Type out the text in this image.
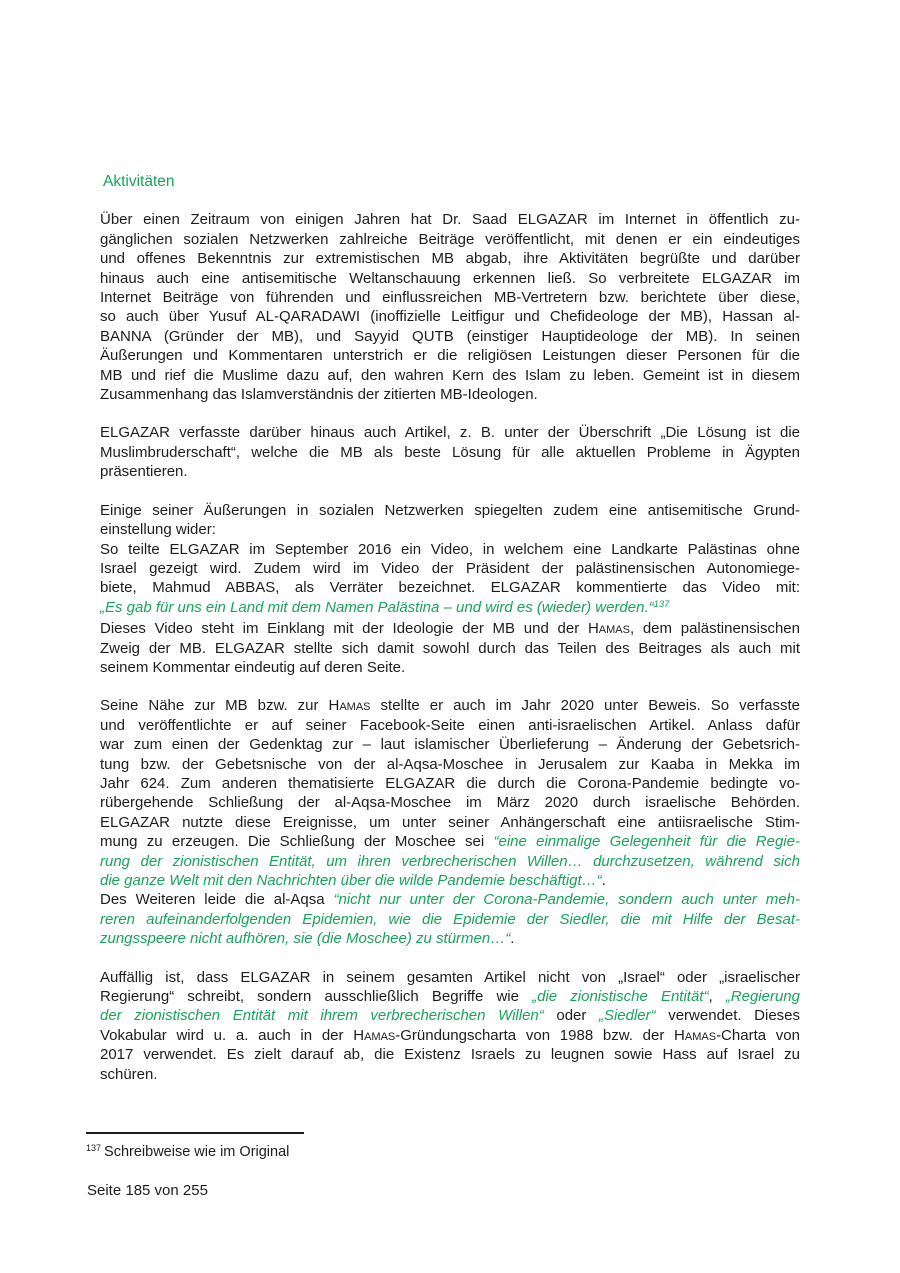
Aktivitäten
Über einen Zeitraum von einigen Jahren hat Dr. Saad ELGAZAR im Internet in öffentlich zu-
gänglichen sozialen Netzwerken zahlreiche Beiträge veröffentlicht, mit denen er ein eindeutiges
und offenes Bekenntnis zur extremistischen MB abgab, ihre Aktivitäten begrüßte und darüber
hinaus auch eine antisemitische Weltanschauung erkennen ließ. So verbreitete ELGAZAR im
Internet Beiträge von führenden und einflussreichen MB-Vertretern bzw. berichtete über diese,
so auch über Yusuf AL-QARADAWI (inoffizielle Leitfigur und Chefideologe der MB), Hassan al-
BANNA (Gründer der MB), und Sayyid QUTB (einstiger Hauptideologe der MB). In seinen
Äußerungen und Kommentaren unterstrich er die religiösen Leistungen dieser Personen für die
MB und rief die Muslime dazu auf, den wahren Kern des Islam zu leben. Gemeint ist in diesem
Zusammenhang das Islamverständnis der zitierten MB-Ideologen.
ELGAZAR verfasste darüber hinaus auch Artikel, z. B. unter der Überschrift „Die Lösung ist die
Muslimbruderschaft“, welche die MB als beste Lösung für alle aktuellen Probleme in Ägypten
präsentieren.
Einige seiner Äußerungen in sozialen Netzwerken spiegelten zudem eine antisemitische Grund-
einstellung wider:
So teilte ELGAZAR im September 2016 ein Video, in welchem eine Landkarte Palästinas ohne
Israel gezeigt wird. Zudem wird im Video der Präsident der palästinensischen Autonomiege-
biete, Mahmud ABBAS, als Verräter bezeichnet. ELGAZAR kommentierte das Video mit:
„Es gab für uns ein Land mit dem Namen Palästina – und wird es (wieder) werden.“$^{137}$
Dieses Video steht im Einklang mit der Ideologie der MB und der Hamas, dem palästinensischen
Zweig der MB. ELGAZAR stellte sich damit sowohl durch das Teilen des Beitrages als auch mit
seinem Kommentar eindeutig auf deren Seite.
Seine Nähe zur MB bzw. zur Hamas stellte er auch im Jahr 2020 unter Beweis. So verfasste
und veröffentlichte er auf seiner Facebook-Seite einen anti-israelischen Artikel. Anlass dafür
war zum einen der Gedenktag zur – laut islamischer Überlieferung – Änderung der Gebetsrich-
tung bzw. der Gebetsnische von der al-Aqsa-Moschee in Jerusalem zur Kaaba in Mekka im
Jahr 624. Zum anderen thematisierte ELGAZAR die durch die Corona-Pandemie bedingte vo-
rübergehende Schließung der al-Aqsa-Moschee im März 2020 durch israelische Behörden.
ELGAZAR nutzte diese Ereignisse, um unter seiner Anhängerschaft eine antiisraelische Stim-
mung zu erzeugen. Die Schließung der Moschee sei “eine einmalige Gelegenheit für die Regie-
rung der zionistischen Entität, um ihren verbrecherischen Willen… durchzusetzen, während sich
die ganze Welt mit den Nachrichten über die wilde Pandemie beschäftigt…“.
Des Weiteren leide die al-Aqsa “nicht nur unter der Corona-Pandemie, sondern auch unter meh-
reren aufeinanderfolgenden Epidemien, wie die Epidemie der Siedler, die mit Hilfe der Besat-
zungsspeere nicht aufhören, sie (die Moschee) zu stürmen…“.
Auffällig ist, dass ELGAZAR in seinem gesamten Artikel nicht von „Israel“ oder „israelischer
Regierung“ schreibt, sondern ausschließlich Begriffe wie „die zionistische Entität“, „Regierung
der zionistischen Entität mit ihrem verbrecherischen Willen“ oder „Siedler“ verwendet. Dieses
Vokabular wird u. a. auch in der Hamas-Gründungscharta von 1988 bzw. der Hamas-Charta von
2017 verwendet. Es zielt darauf ab, die Existenz Israels zu leugnen sowie Hass auf Israel zu
schüren.
$^{137}$ Schreibweise wie im Original
Seite 185 von 255
